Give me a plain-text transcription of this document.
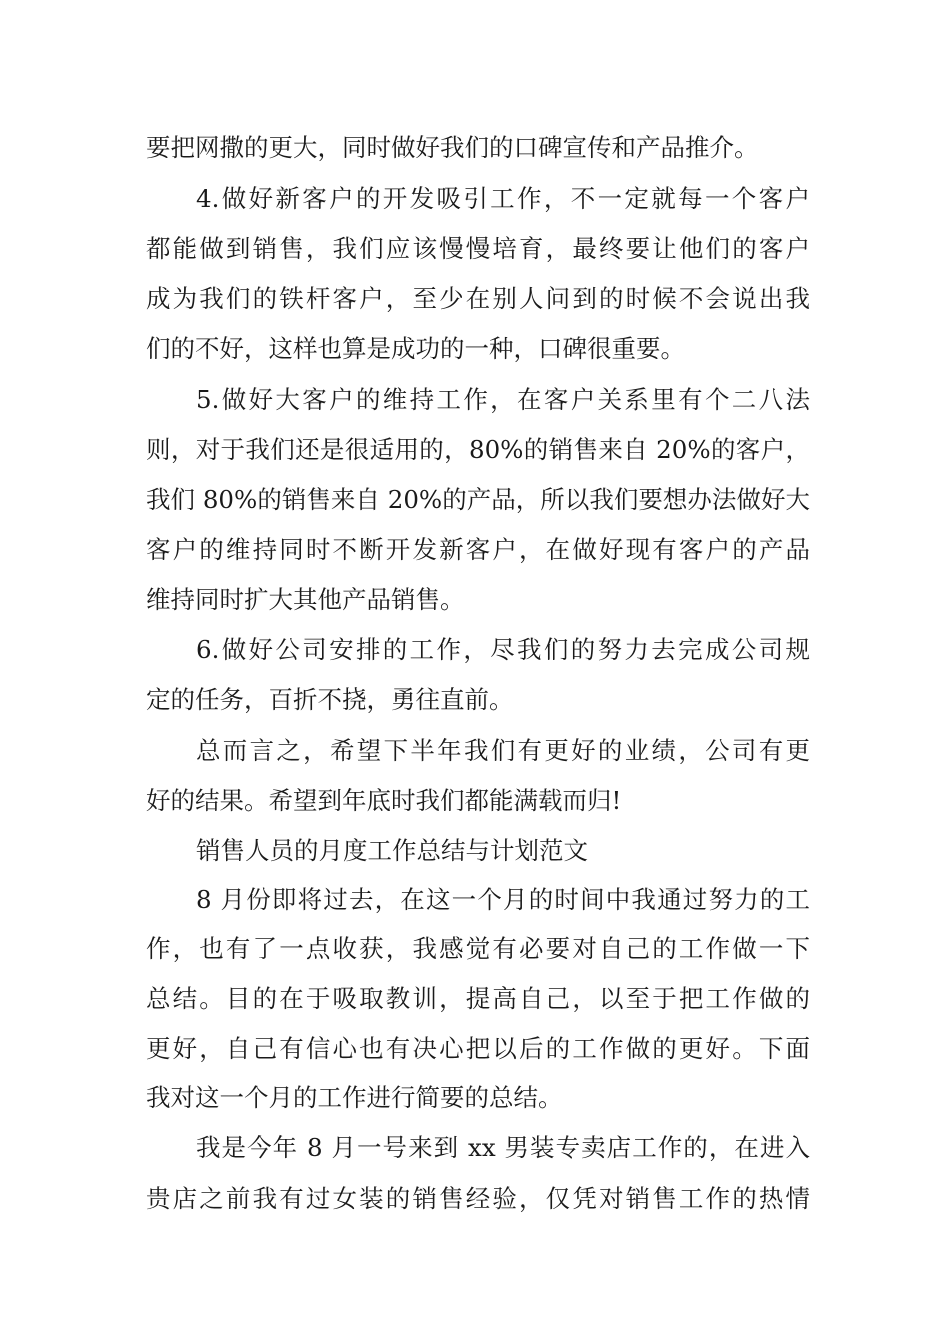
要把网撒的更大，同时做好我们的口碑宣传和产品推介。

4.做好新客户的开发吸引工作，不一定就每一个客户

都能做到销售，我们应该慢慢培育，最终要让他们的客户

成为我们的铁杆客户，至少在别人问到的时候不会说出我

们的不好，这样也算是成功的一种，口碑很重要。

5.做好大客户的维持工作，在客户关系里有个二八法

则，对于我们还是很适用的，80%的销售来自 20%的客户，

我们 80%的销售来自 20%的产品，所以我们要想办法做好大

客户的维持同时不断开发新客户，在做好现有客户的产品

维持同时扩大其他产品销售。

6.做好公司安排的工作，尽我们的努力去完成公司规

定的任务，百折不挠，勇往直前。

总而言之，希望下半年我们有更好的业绩，公司有更

好的结果。希望到年底时我们都能满载而归!

销售人员的月度工作总结与计划范文

8 月份即将过去，在这一个月的时间中我通过努力的工

作，也有了一点收获，我感觉有必要对自己的工作做一下

总结。目的在于吸取教训，提高自己，以至于把工作做的

更好，自己有信心也有决心把以后的工作做的更好。下面

我对这一个月的工作进行简要的总结。

我是今年 8 月一号来到 xx 男装专卖店工作的，在进入

贵店之前我有过女装的销售经验，仅凭对销售工作的热情
